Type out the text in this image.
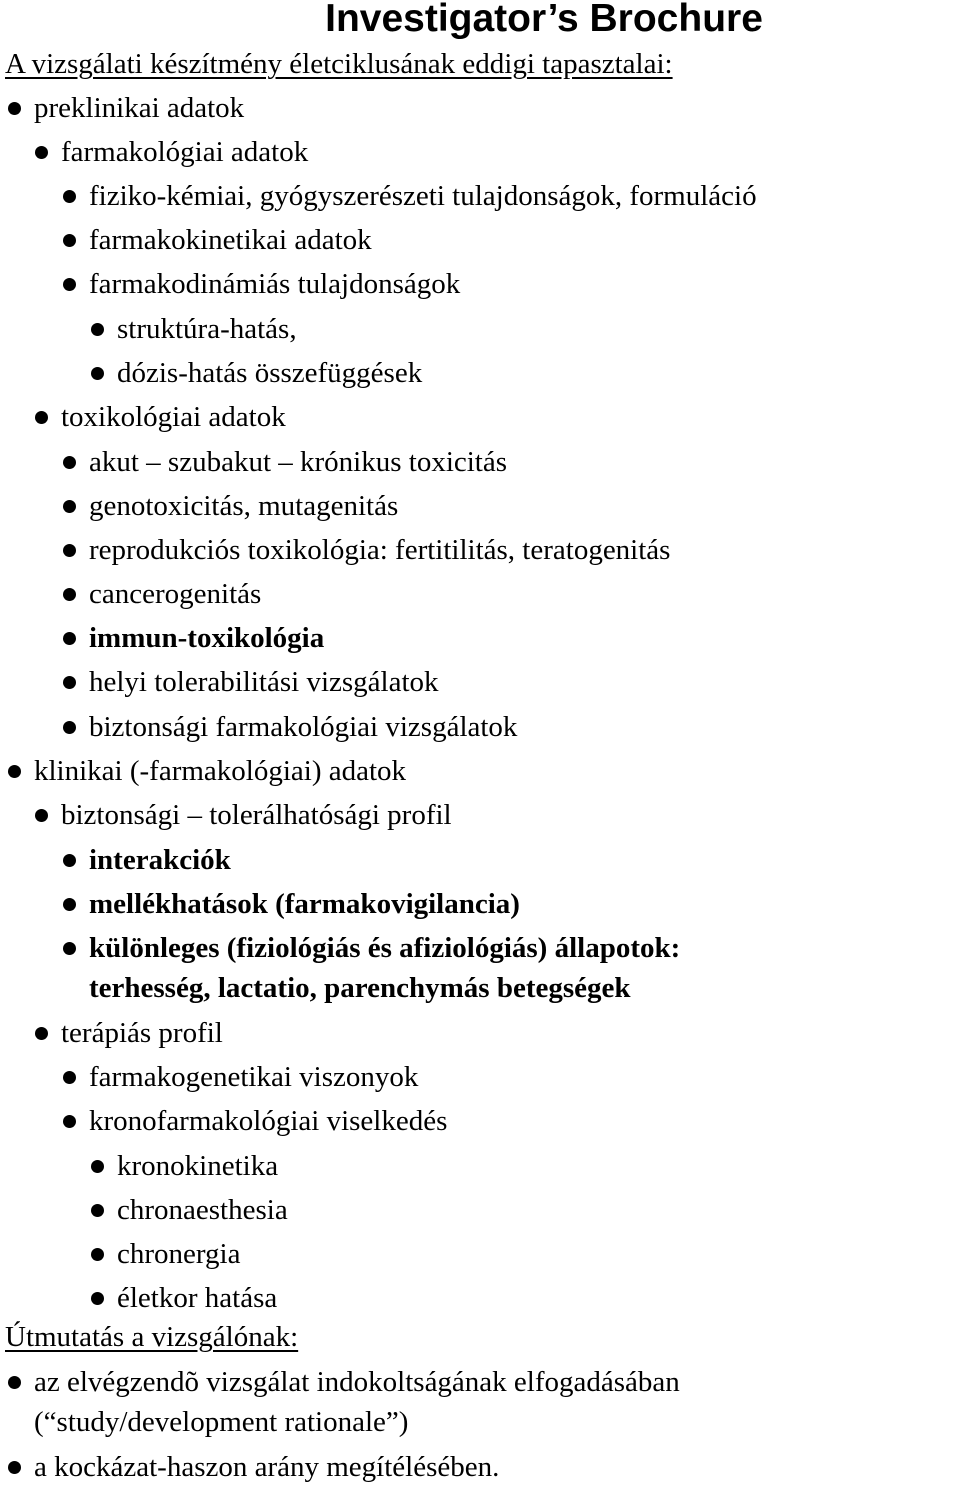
Investigator’s Brochure
A vizsgálati készítmény életciklusának eddigi tapasztalai:
preklinikai adatok
farmakológiai adatok
fiziko-kémiai, gyógyszerészeti tulajdonságok, formuláció
farmakokinetikai adatok
farmakodinámiás tulajdonságok
struktúra-hatás,
dózis-hatás összefüggések
toxikológiai adatok
akut – szubakut – krónikus toxicitás
genotoxicitás, mutagenitás
reprodukciós toxikológia: fertitilitás, teratogenitás
cancerogenitás
immun-toxikológia
helyi tolerabilitási vizsgálatok
biztonsági farmakológiai vizsgálatok
klinikai (-farmakológiai) adatok
biztonsági – tolerálhatósági profil
interakciók
mellékhatások (farmakovigilancia)
különleges (fiziológiás és afiziológiás) állapotok:
terhesség, lactatio, parenchymás betegségek
terápiás profil
farmakogenetikai viszonyok
kronofarmakológiai viselkedés
kronokinetika
chronaesthesia
chronergia
életkor hatása
Útmutatás a vizsgálónak:
az elvégzendõ vizsgálat indokoltságának elfogadásában
(“study/development rationale”)
a kockázat-haszon arány megítélésében.
